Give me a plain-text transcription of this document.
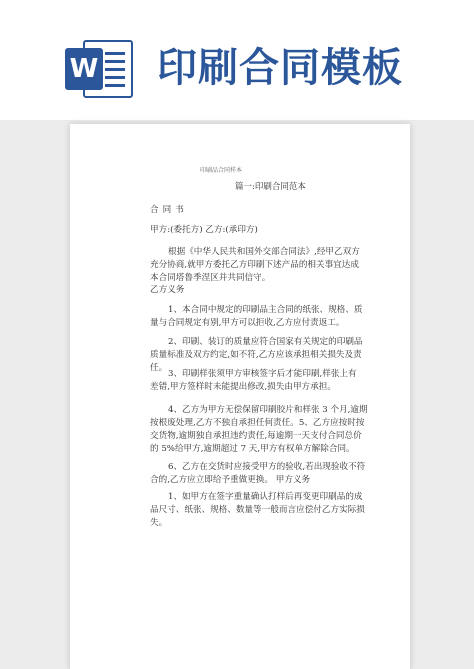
W 印刷合同模板
印刷品合同样本
篇一:印刷合同范本
合同书
甲方:(委托方) 乙方:(承印方)
根据《中华人民共和国外交部合同法》,经甲乙双方充分协商,就甲方委托乙方印刷下述产品的相关事宜达成本合同塔鲁季涅区并共同信守。
乙方义务
1、本合同中规定的印刷品主合同的纸张、规格、质量与合同规定有别,甲方可以拒收,乙方应付责返工。
2、印刷、装订的质量应符合国家有关规定的印刷品质量标准及双方约定,如不符,乙方应该承担相关损失及责任。
3、印刷样张须甲方审核签字后才能印刷,样张上有差错,甲方签样时未能提出修改,损失由甲方承担。
4、乙方为甲方无偿保留印刷胶片和样张 3 个月,逾期按根废处理,乙方不独自承担任何责任。5、乙方应按时按交货物,逾期独自承担违约责任,每逾期一天支付合同总价的 5%给甲方,逾期超过 7 天,甲方有权单方解除合同。
6、乙方在交货时应接受甲方的验收,若出现验收不符合的,乙方应立即给予重做更换。 甲方义务
1、如甲方在签字重量确认打样后再变更印刷品的成品尺寸、纸张、规格、数量等一般而言应偿付乙方实际损失。
